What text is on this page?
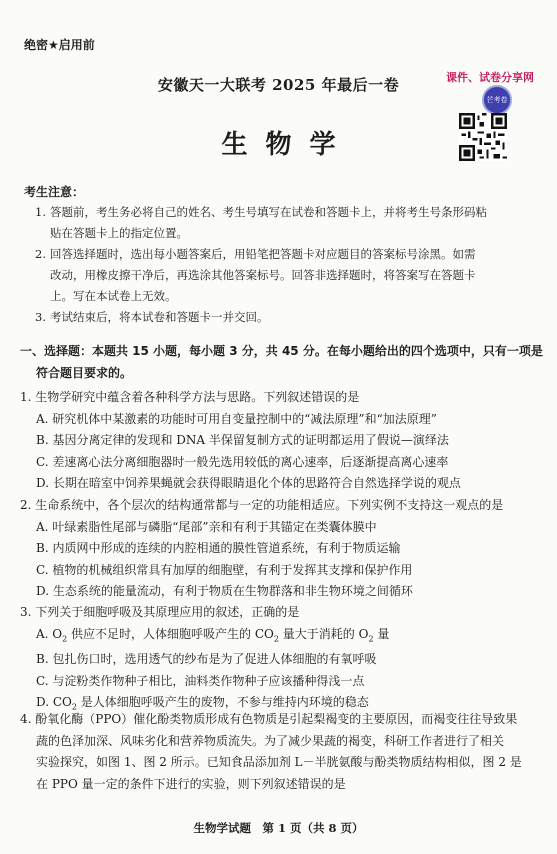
绝密★启用前
课件、试卷分享网
芒考卷
安徽天一大联考 2025 年最后一卷
生物学
考生注意：
1. 答题前，考生务必将自己的姓名、考生号填写在试卷和答题卡上，并将考生号条形码粘
贴在答题卡上的指定位置。
2. 回答选择题时，选出每小题答案后，用铅笔把答题卡对应题目的答案标号涂黑。如需
改动，用橡皮擦干净后，再选涂其他答案标号。回答非选择题时，将答案写在答题卡
上。写在本试卷上无效。
3. 考试结束后，将本试卷和答题卡一并交回。
一、选择题：本题共 15 小题，每小题 3 分，共 45 分。在每小题给出的四个选项中，只有一项是
符合题目要求的。
1. 生物学研究中蕴含着各种科学方法与思路。下列叙述错误的是
A. 研究机体中某激素的功能时可用自变量控制中的“减法原理”和“加法原理”
B. 基因分离定律的发现和 DNA 半保留复制方式的证明都运用了假说—演绎法
C. 差速离心法分离细胞器时一般先选用较低的离心速率，后逐渐提高离心速率
D. 长期在暗室中饲养果蝇就会获得眼睛退化个体的思路符合自然选择学说的观点
2. 生命系统中，各个层次的结构通常都与一定的功能相适应。下列实例不支持这一观点的是
A. 叶绿素脂性尾部与磷脂“尾部”亲和有利于其锚定在类囊体膜中
B. 内质网中形成的连续的内腔相通的膜性管道系统，有利于物质运输
C. 植物的机械组织常具有加厚的细胞壁，有利于发挥其支撑和保护作用
D. 生态系统的能量流动，有利于物质在生物群落和非生物环境之间循环
3. 下列关于细胞呼吸及其原理应用的叙述，正确的是
A. $O_2$ 供应不足时，人体细胞呼吸产生的 $CO_2$ 量大于消耗的 $O_2$ 量
B. 包扎伤口时，选用透气的纱布是为了促进人体细胞的有氧呼吸
C. 与淀粉类作物种子相比，油料类作物种子应该播种得浅一点
D. $CO_2$ 是人体细胞呼吸产生的废物，不参与维持内环境的稳态
4. 酚氧化酶（PPO）催化酚类物质形成有色物质是引起梨褐变的主要原因，而褐变往往导致果
蔬的色泽加深、风味劣化和营养物质流失。为了减少果蔬的褐变，科研工作者进行了相关
实验探究，如图 1、图 2 所示。已知食品添加剂 L－半胱氨酸与酚类物质结构相似，图 2 是
在 PPO 量一定的条件下进行的实验，则下列叙述错误的是
生物学试题　第 1 页（共 8 页）
